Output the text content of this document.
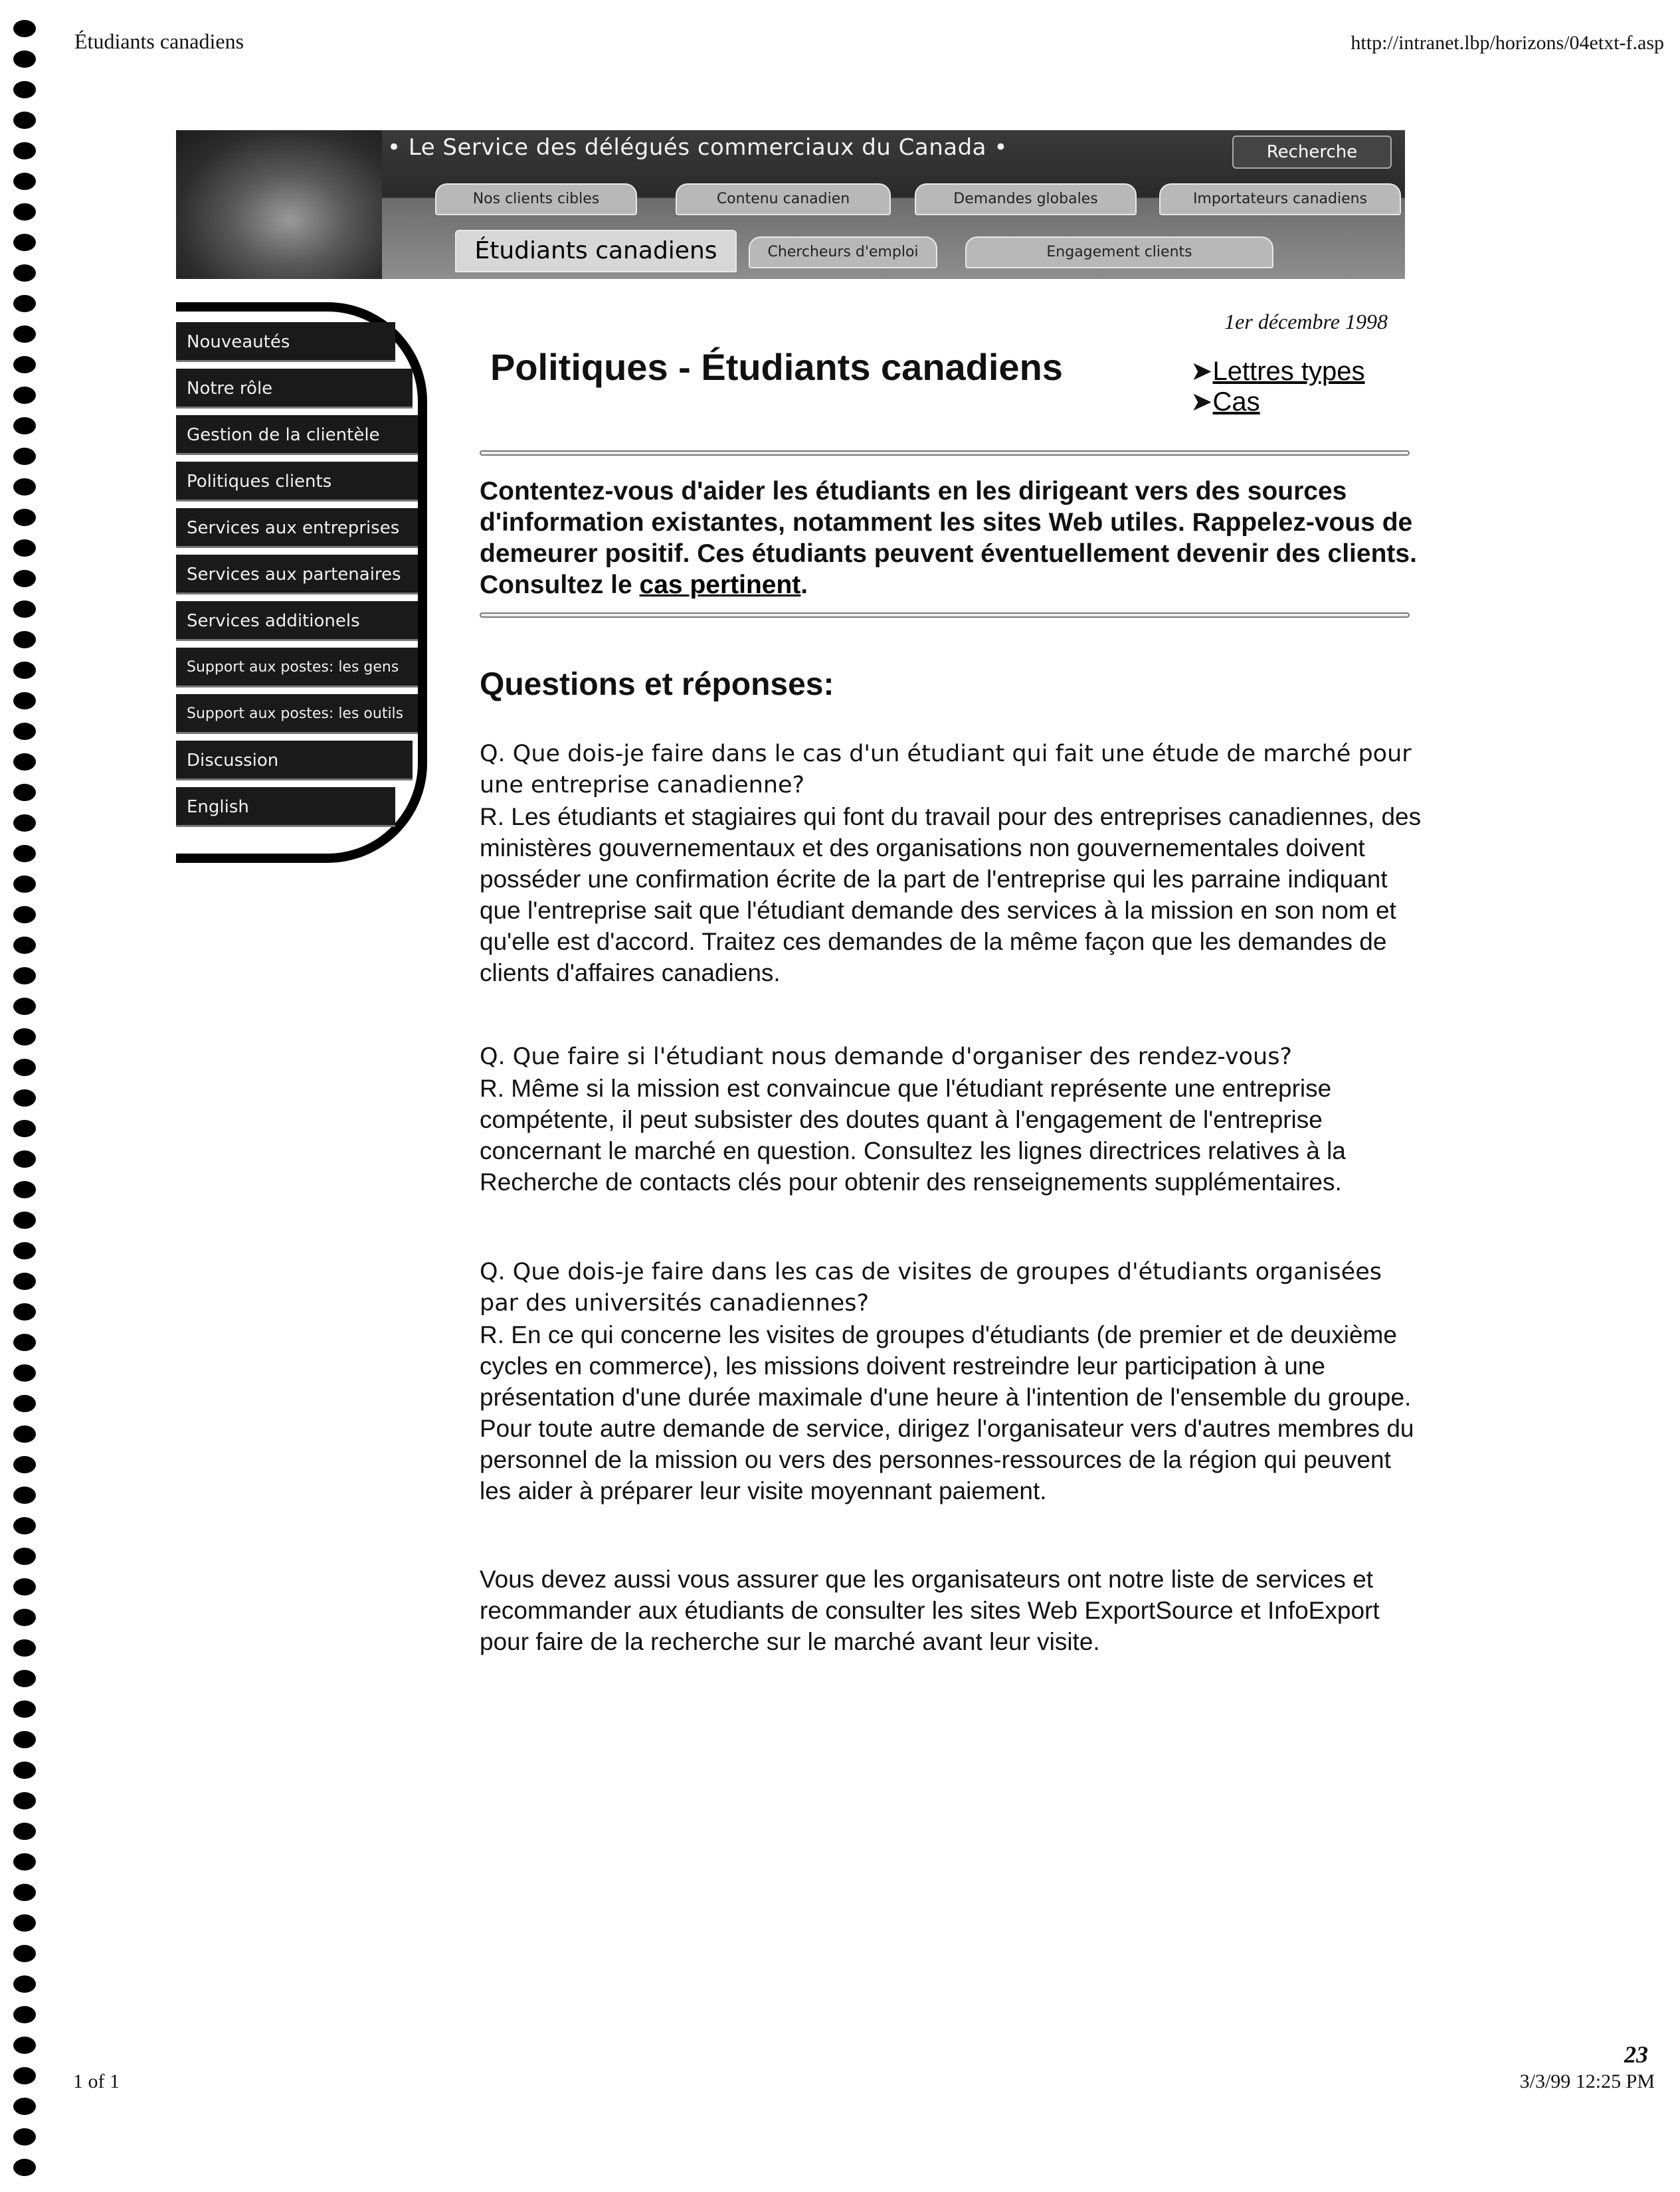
Étudiants canadiens	http://intranet.lbp/horizons/04etxt-f.asp
1 of 1
23
3/3/99 12:25 PM
• Le Service des délégués commerciaux du Canada •	Recherche
Nos clients cibles	Contenu canadien	Demandes globales	Importateurs canadiens
Étudiants canadiens	Chercheurs d'emploi	Engagement clients
Nouveautés
Notre rôle
Gestion de la clientèle
Politiques clients
Services aux entreprises
Services aux partenaires
Services additionels
Support aux postes: les gens
Support aux postes: les outils
Discussion
English
1er décembre 1998
Politiques - Étudiants canadiens	➤Lettres types
➤Cas
Contentez-vous d'aider les étudiants en les dirigeant vers des sources d'information existantes, notamment les sites Web utiles. Rappelez-vous de demeurer positif. Ces étudiants peuvent éventuellement devenir des clients. Consultez le cas pertinent.
Questions et réponses:

Q. Que dois-je faire dans le cas d'un étudiant qui fait une étude de marché pour une entreprise canadienne?

R. Les étudiants et stagiaires qui font du travail pour des entreprises canadiennes, des ministères gouvernementaux et des organisations non gouvernementales doivent posséder une confirmation écrite de la part de l'entreprise qui les parraine indiquant que l'entreprise sait que l'étudiant demande des services à la mission en son nom et qu'elle est d'accord. Traitez ces demandes de la même façon que les demandes de clients d'affaires canadiens.

Q. Que faire si l'étudiant nous demande d'organiser des rendez-vous?

R. Même si la mission est convaincue que l'étudiant représente une entreprise compétente, il peut subsister des doutes quant à l'engagement de l'entreprise concernant le marché en question. Consultez les lignes directrices relatives à la Recherche de contacts clés pour obtenir des renseignements supplémentaires.

Q. Que dois-je faire dans les cas de visites de groupes d'étudiants organisées par des universités canadiennes?

R. En ce qui concerne les visites de groupes d'étudiants (de premier et de deuxième cycles en commerce), les missions doivent restreindre leur participation à une présentation d'une durée maximale d'une heure à l'intention de l'ensemble du groupe. Pour toute autre demande de service, dirigez l'organisateur vers d'autres membres du personnel de la mission ou vers des personnes-ressources de la région qui peuvent les aider à préparer leur visite moyennant paiement.

Vous devez aussi vous assurer que les organisateurs ont notre liste de services et recommander aux étudiants de consulter les sites Web ExportSource et InfoExport pour faire de la recherche sur le marché avant leur visite.
